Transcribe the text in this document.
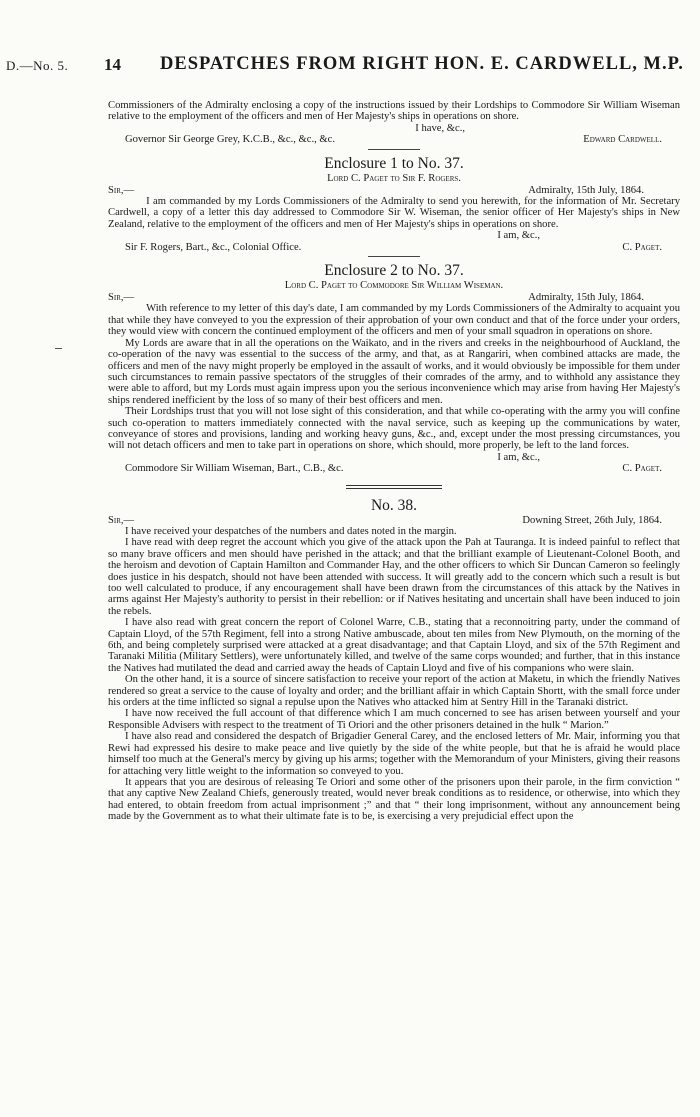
D.—No. 5. 14 DESPATCHES FROM RIGHT HON. E. CARDWELL, M.P.

Commissioners of the Admiralty enclosing a copy of the instructions issued by their Lordships to Commodore Sir William Wiseman relative to the employment of the officers and men of Her Majesty's ships in operations on shore.

I have, &c.,
Governor Sir George Grey, K.C.B., &c., &c., &c.	Edward Cardwell.
Enclosure 1 to No. 37.
Lord C. Paget to Sir F. Rogers.
Sir,—	Admiralty, 15th July, 1864.

I am commanded by my Lords Commissioners of the Admiralty to send you herewith, for the information of Mr. Secretary Cardwell, a copy of a letter this day addressed to Commodore Sir W. Wiseman, the senior officer of Her Majesty's ships in New Zealand, relative to the employment of the officers and men of Her Majesty's ships in operations on shore.

I am, &c.,
Sir F. Rogers, Bart., &c., Colonial Office.	C. Paget.
Enclosure 2 to No. 37.
Lord C. Paget to Commodore Sir William Wiseman.
Sir,—	Admiralty, 15th July, 1864.

With reference to my letter of this day's date, I am commanded by my Lords Commissioners of the Admiralty to acquaint you that while they have conveyed to you the expression of their approbation of your own conduct and that of the force under your orders, they would view with concern the continued employment of the officers and men of your small squadron in operations on shore.

My Lords are aware that in all the operations on the Waikato, and in the rivers and creeks in the neighbourhood of Auckland, the co-operation of the navy was essential to the success of the army, and that, as at Rangariri, when combined attacks are made, the officers and men of the navy might properly be employed in the assault of works, and it would obviously be impossible for them under such circumstances to remain passive spectators of the struggles of their comrades of the army, and to withhold any assistance they were able to afford, but my Lords must again impress upon you the serious inconvenience which may arise from having Her Majesty's ships rendered inefficient by the loss of so many of their best officers and men.

Their Lordships trust that you will not lose sight of this consideration, and that while co-operating with the army you will confine such co-operation to matters immediately connected with the naval service, such as keeping up the communications by water, conveyance of stores and provisions, landing and working heavy guns, &c., and, except under the most pressing circumstances, you will not detach officers and men to take part in operations on shore, which should, more properly, be left to the land forces.

I am, &c.,
Commodore Sir William Wiseman, Bart., C.B., &c.	C. Paget.
No. 38.
Sir,—	Downing Street, 26th July, 1864.

I have received your despatches of the numbers and dates noted in the margin.

I have read with deep regret the account which you give of the attack upon the Pah at Tauranga. It is indeed painful to reflect that so many brave officers and men should have perished in the attack; and that the brilliant example of Lieutenant-Colonel Booth, and the heroism and devotion of Captain Hamilton and Commander Hay, and the other officers to which Sir Duncan Cameron so feelingly does justice in his despatch, should not have been attended with success. It will greatly add to the concern which such a result is but too well calculated to produce, if any encouragement shall have been drawn from the circumstances of this attack by the Natives in arms against Her Majesty's authority to persist in their rebellion: or if Natives hesitating and uncertain shall have been induced to join the rebels.

I have also read with great concern the report of Colonel Warre, C.B., stating that a reconnoitring party, under the command of Captain Lloyd, of the 57th Regiment, fell into a strong Native ambuscade, about ten miles from New Plymouth, on the morning of the 6th, and being completely surprised were attacked at a great disadvantage; and that Captain Lloyd, and six of the 57th Regiment and Taranaki Militia (Military Settlers), were unfortunately killed, and twelve of the same corps wounded; and further, that in this instance the Natives had mutilated the dead and carried away the heads of Captain Lloyd and five of his companions who were slain.

On the other hand, it is a source of sincere satisfaction to receive your report of the action at Maketu, in which the friendly Natives rendered so great a service to the cause of loyalty and order; and the brilliant affair in which Captain Shortt, with the small force under his orders at the time inflicted so signal a repulse upon the Natives who attacked him at Sentry Hill in the Taranaki district.

I have now received the full account of that difference which I am much concerned to see has arisen between yourself and your Responsible Advisers with respect to the treatment of Ti Oriori and the other prisoners detained in the hulk “ Marion.”

I have also read and considered the despatch of Brigadier General Carey, and the enclosed letters of Mr. Mair, informing you that Rewi had expressed his desire to make peace and live quietly by the side of the white people, but that he is afraid he would place himself too much at the General's mercy by giving up his arms; together with the Memorandum of your Ministers, giving their reasons for attaching very little weight to the information so conveyed to you.

It appears that you are desirous of releasing Te Oriori and some other of the prisoners upon their parole, in the firm conviction “ that any captive New Zealand Chiefs, generously treated, would never break conditions as to residence, or otherwise, into which they had entered, to obtain freedom from actual imprisonment ;” and that “ their long imprisonment, without any announcement being made by the Government as to what their ultimate fate is to be, is exercising a very prejudicial effect upon the
